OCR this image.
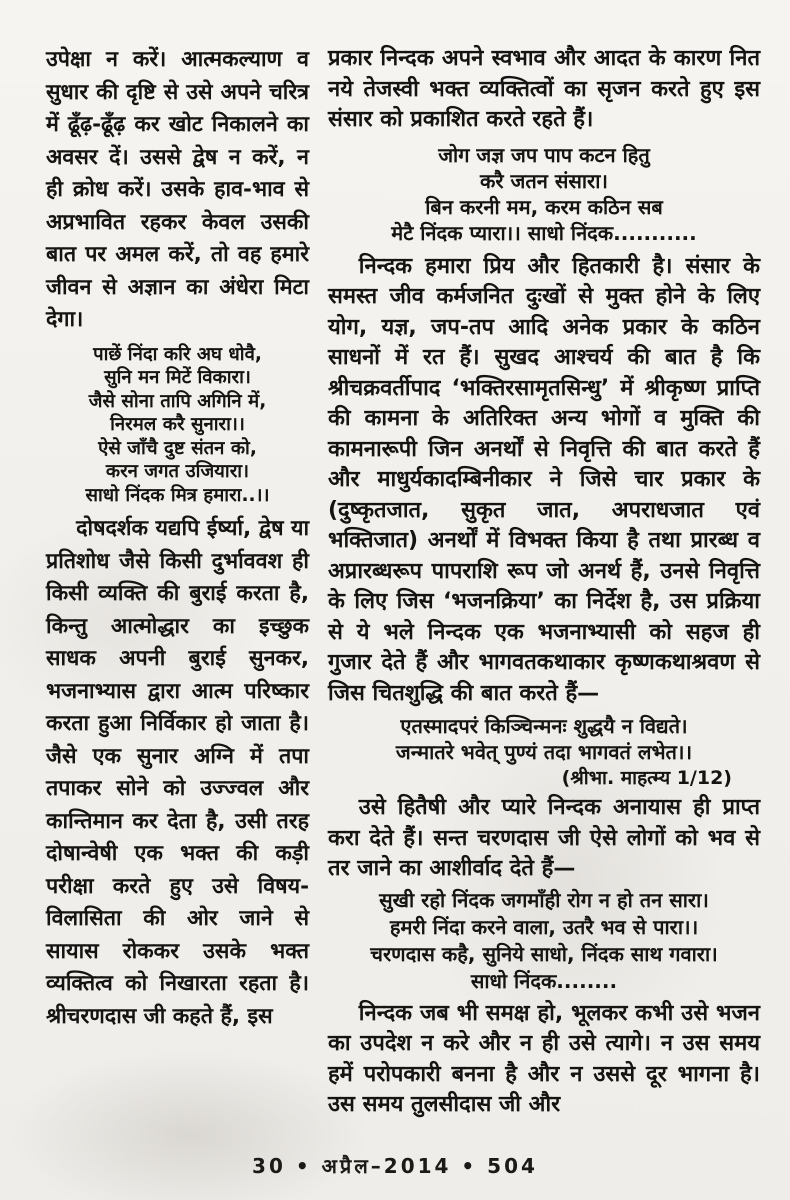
उपेक्षा न करें। आत्मकल्याण व सुधार की दृष्टि से उसे अपने चरित्र में ढूँढ़-ढूँढ़ कर खोट निकालने का अवसर दें। उससे द्वेष न करें, न ही क्रोध करें। उसके हाव-भाव से अप्रभावित रहकर केवल उसकी बात पर अमल करें, तो वह हमारे जीवन से अज्ञान का अंधेरा मिटा देगा।

पाछें निंदा करि अघ धोवै,
सुनि मन मिटें विकारा।
जैसे सोना तापि अगिनि में,
निरमल करै सुनारा।।
ऐसे जाँचै दुष्ट संतन को,
करन जगत उजियारा।
साधो निंदक मित्र हमारा..।।

दोषदर्शक यद्यपि ईर्ष्या, द्वेष या प्रतिशोध जैसे किसी दुर्भाववश ही किसी व्यक्ति की बुराई करता है, किन्तु आत्मोद्धार का इच्छुक साधक अपनी बुराई सुनकर, भजनाभ्यास द्वारा आत्म परिष्कार करता हुआ निर्विकार हो जाता है। जैसे एक सुनार अग्नि में तपा तपाकर सोने को उज्ज्वल और कान्तिमान कर देता है, उसी तरह दोषान्वेषी एक भक्त की कड़ी परीक्षा करते हुए उसे विषय-विलासिता की ओर जाने से सायास रोककर उसके भक्त व्यक्तित्व को निखारता रहता है। श्रीचरणदास जी कहते हैं, इस

प्रकार निन्दक अपने स्वभाव और आदत के कारण नित नये तेजस्वी भक्त व्यक्तित्वों का सृजन करते हुए इस संसार को प्रकाशित करते रहते हैं।

जोग जज्ञ जप पाप कटन हितु
करै जतन संसारा।
बिन करनी मम, करम कठिन सब
मेटै निंदक प्यारा।। साधो निंदक...........

निन्दक हमारा प्रिय और हितकारी है। संसार के समस्त जीव कर्मजनित दुःखों से मुक्त होने के लिए योग, यज्ञ, जप-तप आदि अनेक प्रकार के कठिन साधनों में रत हैं। सुखद आश्चर्य की बात है कि श्रीचक्रवर्तीपाद ‘भक्तिरसामृतसिन्धु’ में श्रीकृष्ण प्राप्ति की कामना के अतिरिक्त अन्य भोगों व मुक्ति की कामनारूपी जिन अनर्थों से निवृत्ति की बात करते हैं और माधुर्यकादम्बिनीकार ने जिसे चार प्रकार के (दुष्कृतजात, सुकृत जात, अपराधजात एवं भक्तिजात) अनर्थों में विभक्त किया है तथा प्रारब्ध व अप्रारब्धरूप पापराशि रूप जो अनर्थ हैं, उनसे निवृत्ति के लिए जिस ‘भजनक्रिया’ का निर्देश है, उस प्रक्रिया से ये भले निन्दक एक भजनाभ्यासी को सहज ही गुजार देते हैं और भागवतकथाकार कृष्णकथाश्रवण से जिस चितशुद्धि की बात करते हैं—

एतस्मादपरं किञ्चिन्मनः शुद्धयै न विद्यते।
जन्मातरे भवेत् पुण्यं तदा भागवतं लभेत।।
(श्रीभा. माहत्म्य 1/12)

उसे हितैषी और प्यारे निन्दक अनायास ही प्राप्त करा देते हैं। सन्त चरणदास जी ऐसे लोगों को भव से तर जाने का आशीर्वाद देते हैं—

सुखी रहो निंदक जगमाँही रोग न हो तन सारा।
हमरी निंदा करने वाला, उतरै भव से पारा।।
चरणदास कहै, सुनिये साधो, निंदक साथ गवारा।
साधो निंदक........

निन्दक जब भी समक्ष हो, भूलकर कभी उसे भजन का उपदेश न करे और न ही उसे त्यागे। न उस समय हमें परोपकारी बनना है और न उससे दूर भागना है। उस समय तुलसीदास जी और

30 • अप्रैल–2014 • 504
